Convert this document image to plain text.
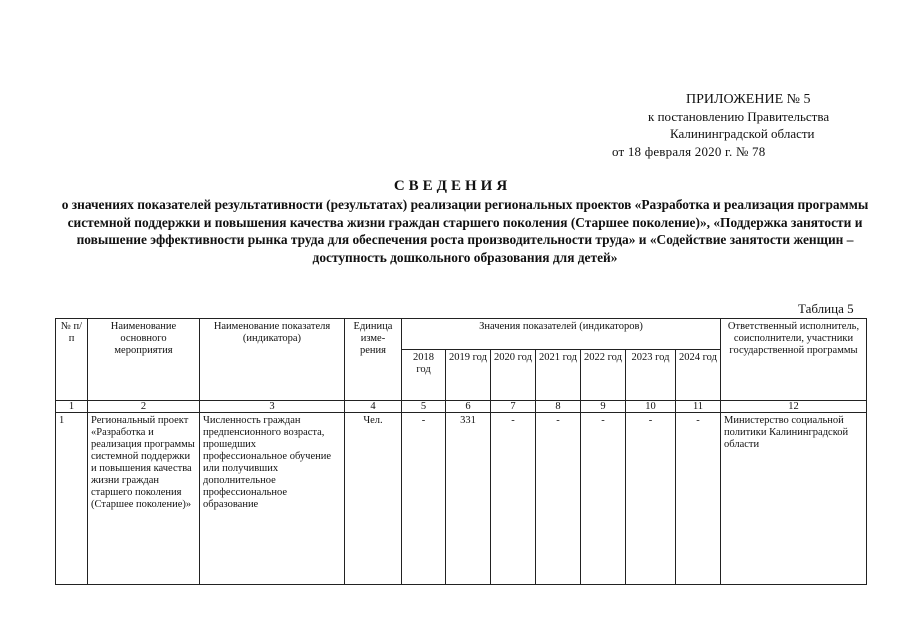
ПРИЛОЖЕНИЕ № 5
к постановлению Правительства
Калининградской области
от 18 февраля 2020 г. № 78
СВЕДЕНИЯ
о значениях показателей результативности (результатах) реализации региональных проектов «Разработка и реализация программы системной поддержки и повышения качества жизни граждан старшего поколения (Старшее поколение)», «Поддержка занятости и повышение эффективности рынка труда для обеспечения роста производительности труда» и «Содействие занятости женщин – доступность дошкольного образования для детей»
Таблица 5
№ п/п	Наименование основного мероприятия	Наименование показателя (индикатора)	Единица изме-рения	Значения показателей (индикаторов)							Ответственный исполнитель, соисполнители, участники государственной программы
				2018 год	2019 год	2020 год	2021 год	2022 год	2023 год	2024 год	
1	2	3	4	5	6	7	8	9	10	11	12
1	Региональный проект «Разработка и реализация программы системной поддержки и повышения качества жизни граждан старшего поколения (Старшее поколение)»	Численность граждан предпенсионного возраста, прошедших профессиональное обучение или получивших дополнительное профессиональное образование	Чел.	-	331	-	-	-	-	-	Министерство социальной политики Калининградской области
